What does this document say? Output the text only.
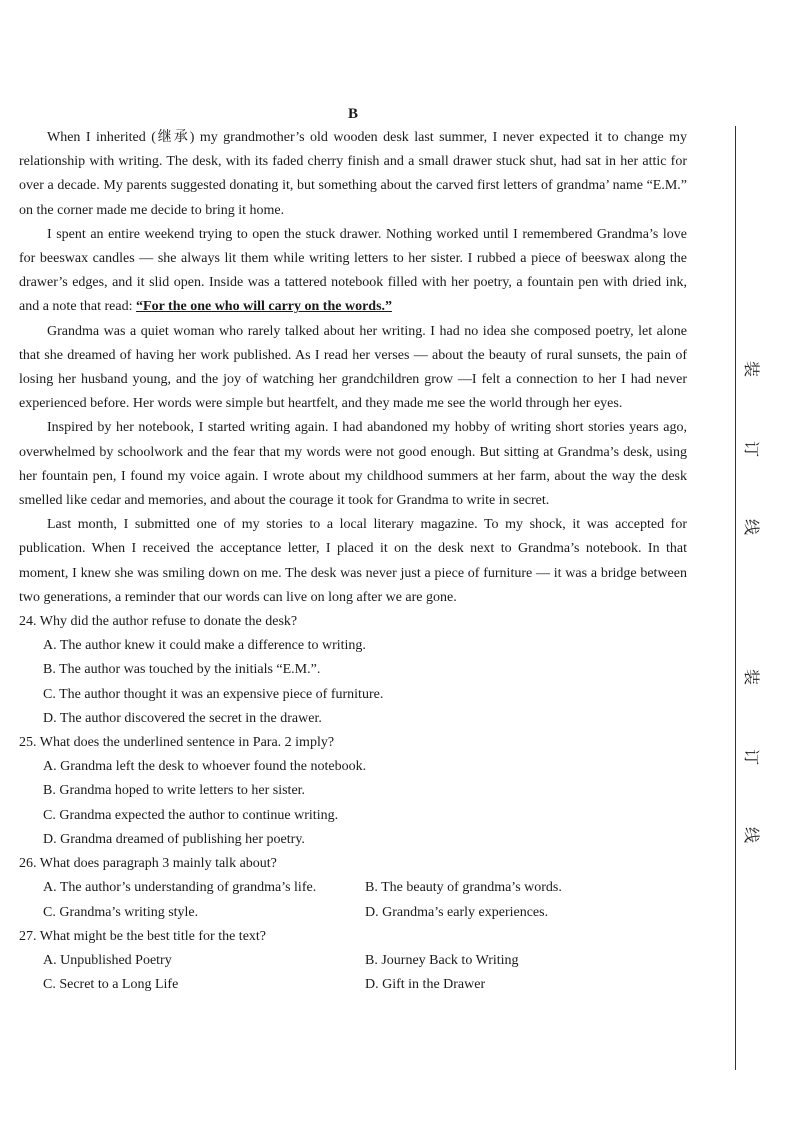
B

When I inherited (继承) my grandmother’s old wooden desk last summer, I never expected it to change my relationship with writing. The desk, with its faded cherry finish and a small drawer stuck shut, had sat in her attic for over a decade. My parents suggested donating it, but something about the carved first letters of grandma’ name “E.M.” on the corner made me decide to bring it home.

I spent an entire weekend trying to open the stuck drawer. Nothing worked until I remembered Grandma’s love for beeswax candles — she always lit them while writing letters to her sister. I rubbed a piece of beeswax along the drawer’s edges, and it slid open. Inside was a tattered notebook filled with her poetry, a fountain pen with dried ink, and a note that read: “For the one who will carry on the words.”

Grandma was a quiet woman who rarely talked about her writing. I had no idea she composed poetry, let alone that she dreamed of having her work published. As I read her verses — about the beauty of rural sunsets, the pain of losing her husband young, and the joy of watching her grandchildren grow —I felt a connection to her I had never experienced before. Her words were simple but heartfelt, and they made me see the world through her eyes.

Inspired by her notebook, I started writing again. I had abandoned my hobby of writing short stories years ago, overwhelmed by schoolwork and the fear that my words were not good enough. But sitting at Grandma’s desk, using her fountain pen, I found my voice again. I wrote about my childhood summers at her farm, about the way the desk smelled like cedar and memories, and about the courage it took for Grandma to write in secret.

Last month, I submitted one of my stories to a local literary magazine. To my shock, it was accepted for publication. When I received the acceptance letter, I placed it on the desk next to Grandma’s notebook. In that moment, I knew she was smiling down on me. The desk was never just a piece of furniture — it was a bridge between two generations, a reminder that our words can live on long after we are gone.

24. Why did the author refuse to donate the desk?

A. The author knew it could make a difference to writing.

B. The author was touched by the initials “E.M.”.

C. The author thought it was an expensive piece of furniture.

D. The author discovered the secret in the drawer.

25. What does the underlined sentence in Para. 2 imply?

A. Grandma left the desk to whoever found the notebook.

B. Grandma hoped to write letters to her sister.

C. Grandma expected the author to continue writing.

D. Grandma dreamed of publishing her poetry.

26. What does paragraph 3 mainly talk about?

A. The author’s understanding of grandma’s life.	B. The beauty of grandma’s words.
C. Grandma’s writing style.	D. Grandma’s early experiences.

27. What might be the best title for the text?

A. Unpublished Poetry	B. Journey Back to Writing
C. Secret to a Long Life	D. Gift in the Drawer
装
订
线
装
订
线
